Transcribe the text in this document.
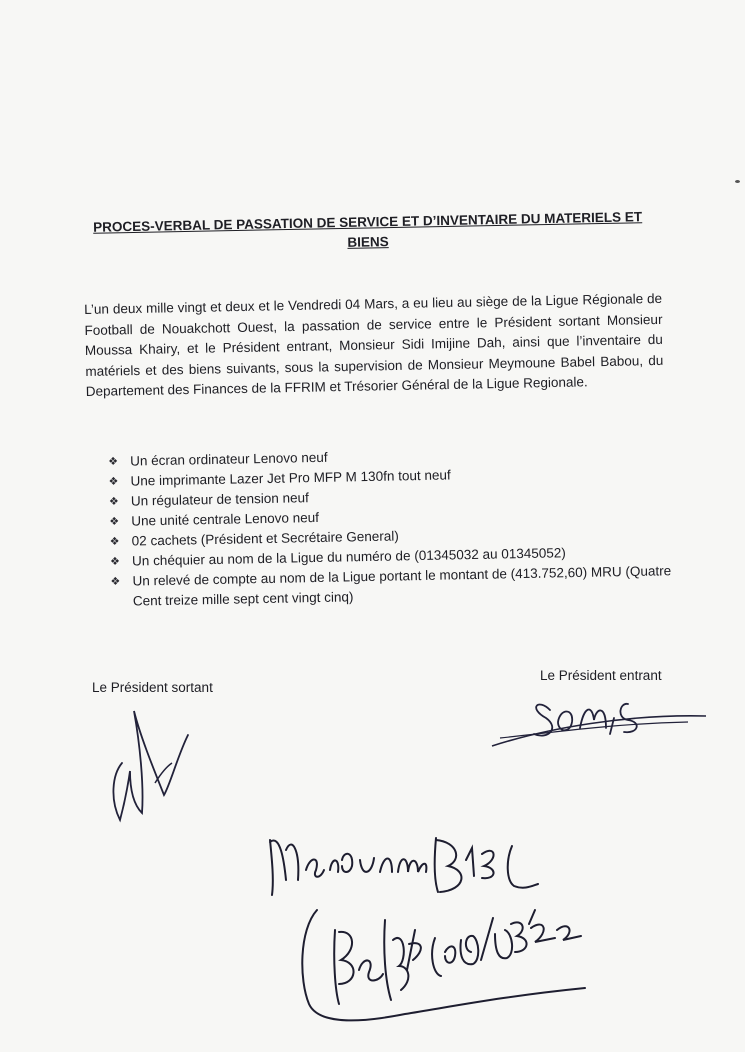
PROCES-VERBAL DE PASSATION DE SERVICE ET D’INVENTAIRE DU MATERIELS ET
BIENS
L’un deux mille vingt et deux et le Vendredi 04 Mars, a eu lieu au siège de la Ligue Régionale de Football de Nouakchott Ouest, la passation de service entre le Président sortant Monsieur Moussa Khairy, et le Président entrant, Monsieur Sidi Imijine Dah, ainsi que l’inventaire du matériels et des biens suivants, sous la supervision de Monsieur Meymoune Babel Babou, du Departement des Finances de la FFRIM et Trésorier Général de la Ligue Regionale.
❖ Un écran ordinateur Lenovo neuf
❖ Une imprimante Lazer Jet Pro MFP M 130fn tout neuf
❖ Un régulateur de tension neuf
❖ Une unité centrale Lenovo neuf
❖ 02 cachets (Président et Secrétaire General)
❖ Un chéquier au nom de la Ligue du numéro de (01345032 au 01345052)
❖ Un relevé de compte au nom de la Ligue portant le montant de (413.752,60) MRU (Quatre Cent treize mille sept cent vingt cinq)
Le Président sortant
Le Président entrant
